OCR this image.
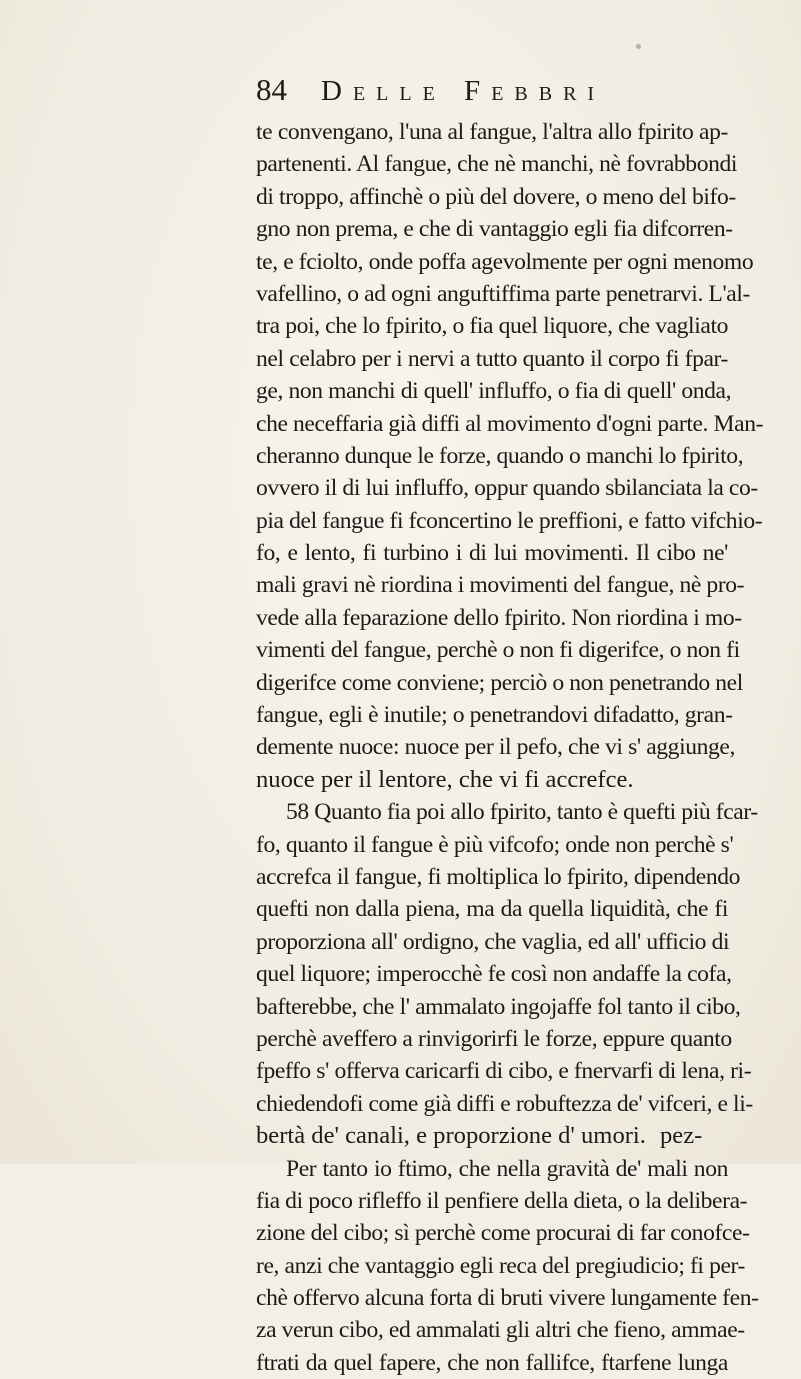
84 Delle Febbri
te convengano, l'una al fangue, l'altra allo fpirito ap-
partenenti. Al fangue, che nè manchi, nè fovrabbondi
di troppo, affinchè o più del dovere, o meno del bifo-
gno non prema, e che di vantaggio egli fia difcorren-
te, e fciolto, onde poffa agevolmente per ogni menomo
vafellino, o ad ogni anguftiffima parte penetrarvi. L'al-
tra poi, che lo fpirito, o fia quel liquore, che vagliato
nel celabro per i nervi a tutto quanto il corpo fi fpar-
ge, non manchi di quell' influffo, o fia di quell' onda,
che neceffaria già diffi al movimento d'ogni parte. Man-
cheranno dunque le forze, quando o manchi lo fpirito,
ovvero il di lui influffo, oppur quando sbilanciata la co-
pia del fangue fi fconcertino le preffioni, e fatto vifchio-
fo, e lento, fi turbino i di lui movimenti. Il cibo ne'
mali gravi nè riordina i movimenti del fangue, nè pro-
vede alla feparazione dello fpirito. Non riordina i mo-
vimenti del fangue, perchè o non fi digerifce, o non fi
digerifce come conviene; perciò o non penetrando nel
fangue, egli è inutile; o penetrandovi difadatto, gran-
demente nuoce: nuoce per il pefo, che vi s' aggiunge,
nuoce per il lentore, che vi fi accrefce.
58 Quanto fia poi allo fpirito, tanto è quefti più fcar-
fo, quanto il fangue è più vifcofo; onde non perchè s'
accrefca il fangue, fi moltiplica lo fpirito, dipendendo
quefti non dalla piena, ma da quella liquidità, che fi
proporziona all' ordigno, che vaglia, ed all' ufficio di
quel liquore; imperocchè fe così non andaffe la cofa,
bafterebbe, che l' ammalato ingojaffe fol tanto il cibo,
perchè aveffero a rinvigorirfi le forze, eppure quanto
fpeffo s' offerva caricarfi di cibo, e fnervarfi di lena, ri-
chiedendofi come già diffi e robuftezza de' vifceri, e li-
bertà de' canali, e proporzione d' umori.
Per tanto io ftimo, che nella gravità de' mali non
fia di poco rifleffo il penfiere della dieta, o la delibera-
zione del cibo; sì perchè come procurai di far conofce-
re, anzi che vantaggio egli reca del pregiudicio; fi per-
chè offervo alcuna forta di bruti vivere lungamente fen-
za verun cibo, ed ammalati gli altri che fieno, ammae-
ftrati da quel fapere, che non fallifce, ftarfene lunga
pez-
